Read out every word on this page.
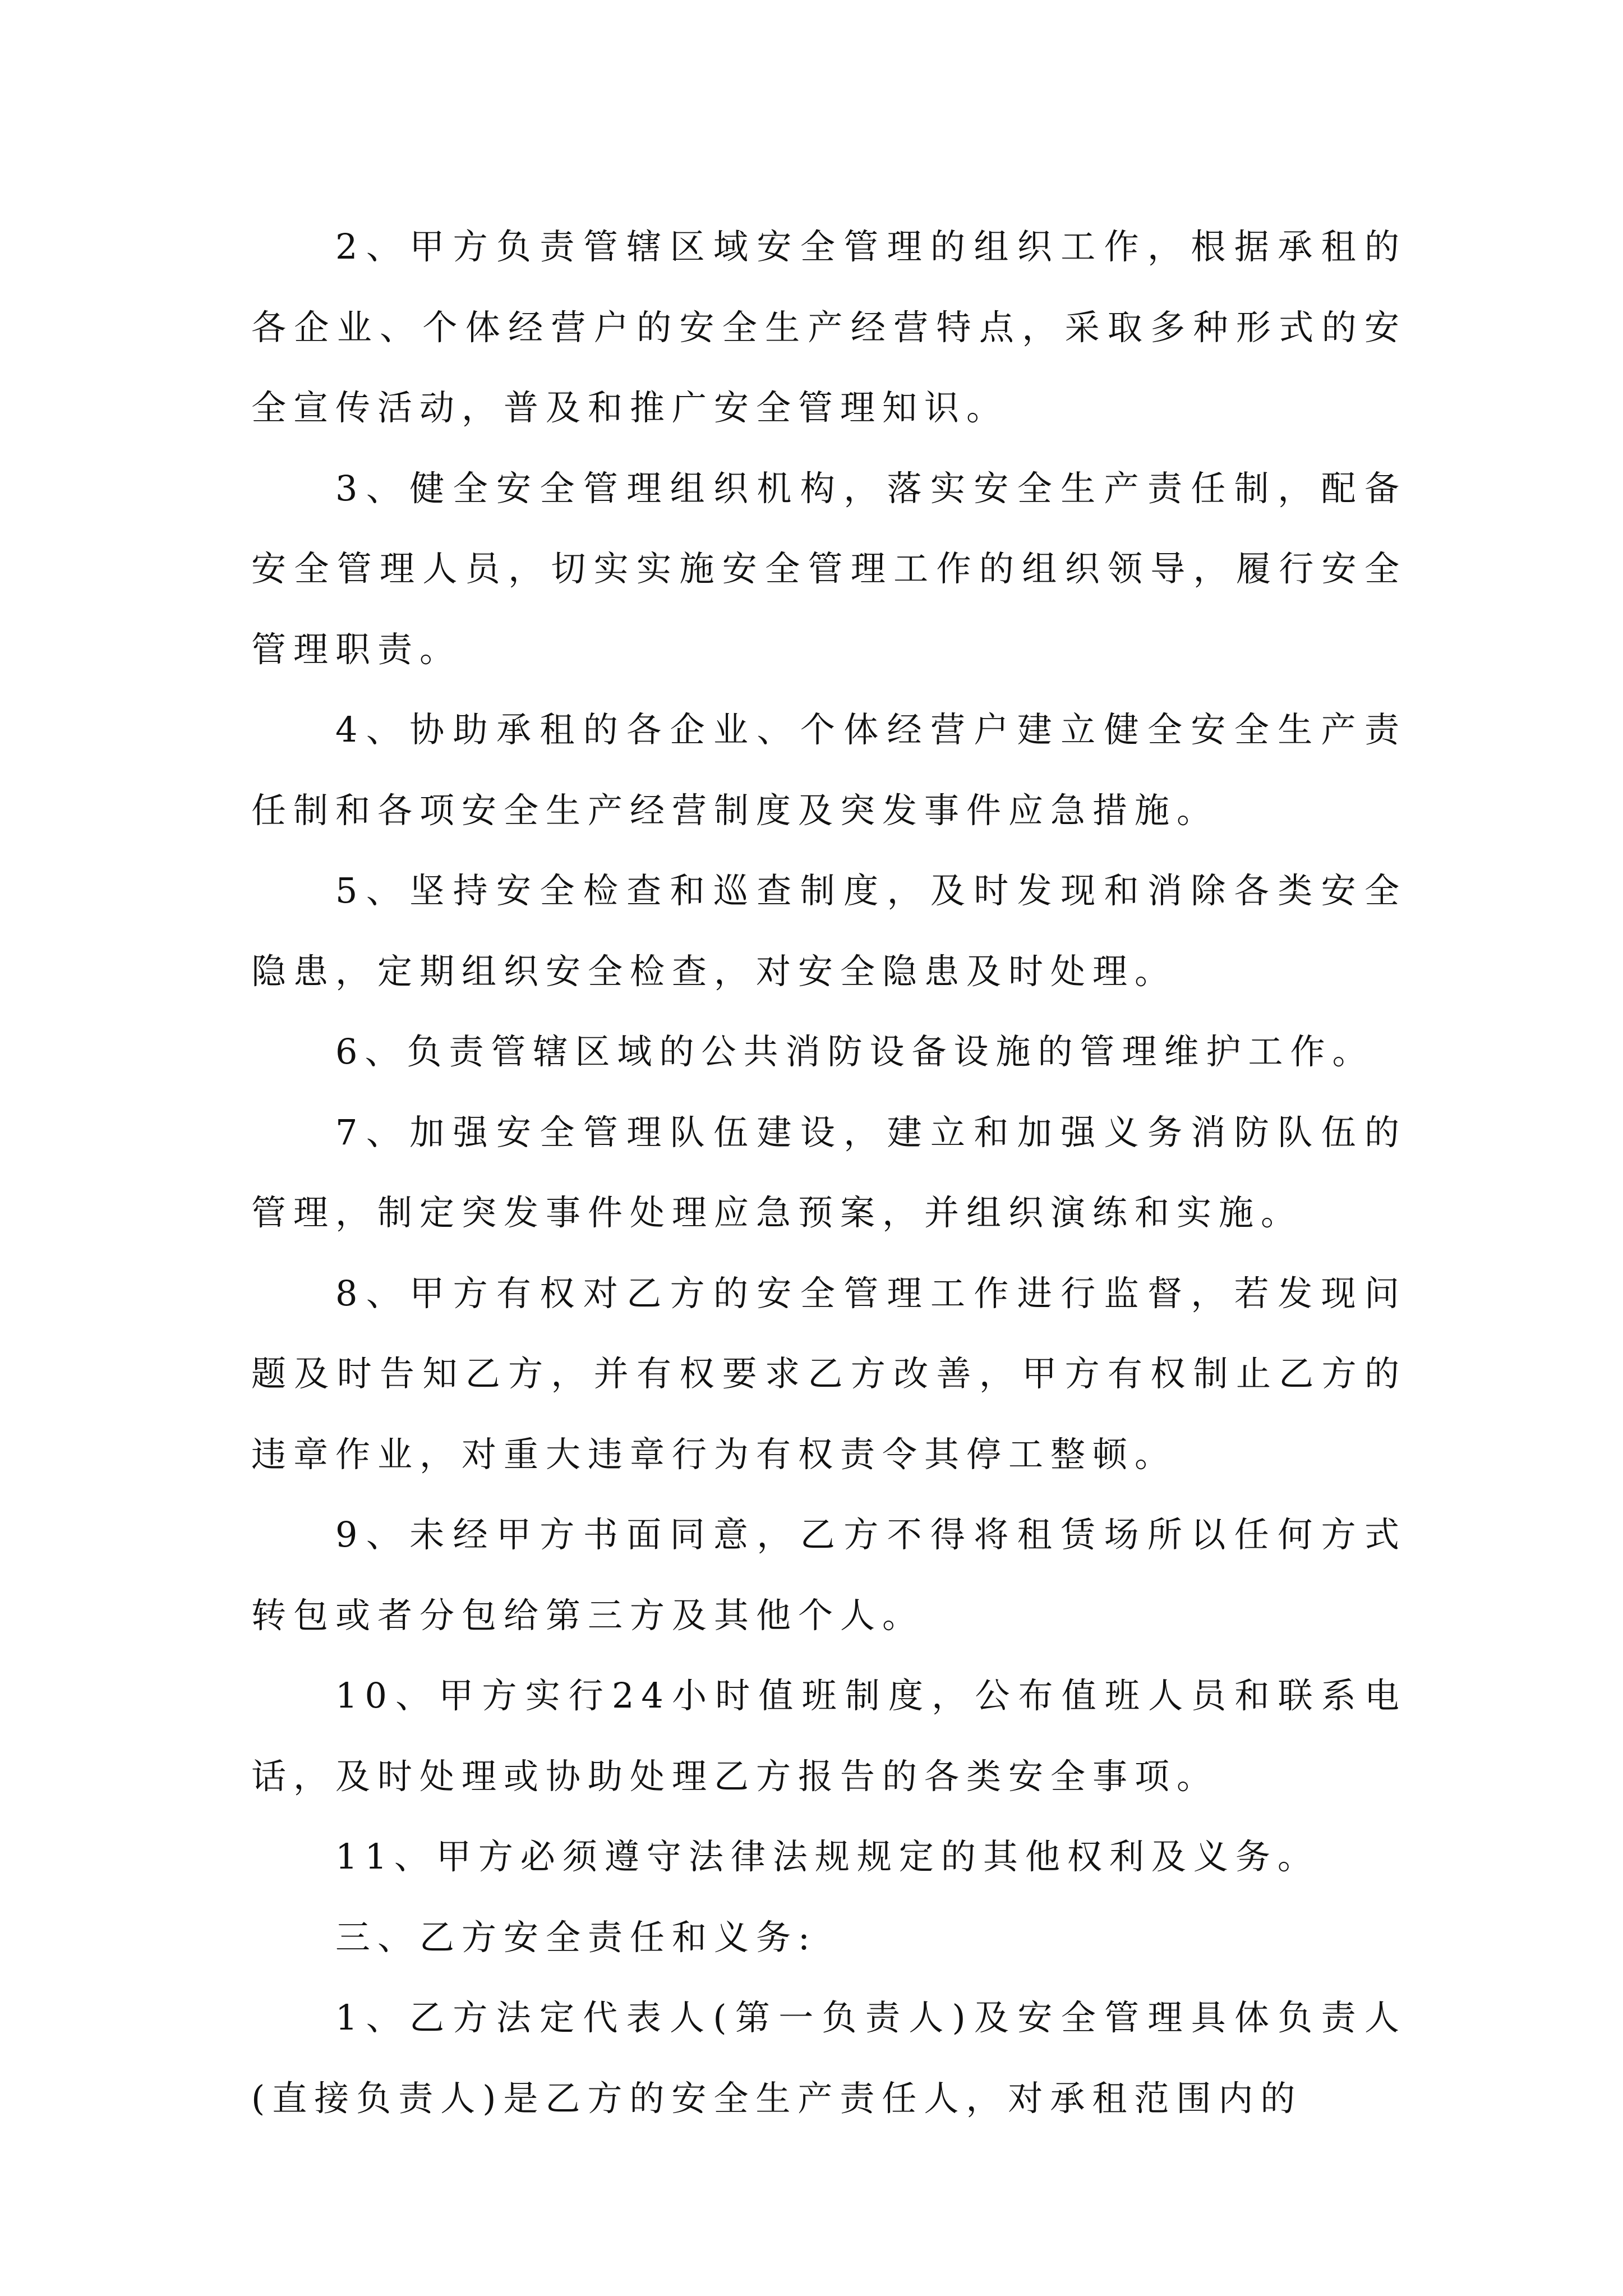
2、甲方负责管辖区域安全管理的组织工作，根据承租的各企业、个体经营户的安全生产经营特点，采取多种形式的安全宣传活动，普及和推广安全管理知识。

3、健全安全管理组织机构，落实安全生产责任制，配备安全管理人员，切实实施安全管理工作的组织领导，履行安全管理职责。

4、协助承租的各企业、个体经营户建立健全安全生产责任制和各项安全生产经营制度及突发事件应急措施。

5、坚持安全检查和巡查制度，及时发现和消除各类安全隐患，定期组织安全检查，对安全隐患及时处理。

6、负责管辖区域的公共消防设备设施的管理维护工作。

7、加强安全管理队伍建设，建立和加强义务消防队伍的管理，制定突发事件处理应急预案，并组织演练和实施。

8、甲方有权对乙方的安全管理工作进行监督，若发现问题及时告知乙方，并有权要求乙方改善，甲方有权制止乙方的违章作业，对重大违章行为有权责令其停工整顿。

9、未经甲方书面同意，乙方不得将租赁场所以任何方式转包或者分包给第三方及其他个人。

10、甲方实行24小时值班制度，公布值班人员和联系电话，及时处理或协助处理乙方报告的各类安全事项。

11、甲方必须遵守法律法规规定的其他权利及义务。

三、乙方安全责任和义务:

1、乙方法定代表人(第一负责人)及安全管理具体负责人(直接负责人)是乙方的安全生产责任人，对承租范围内的
